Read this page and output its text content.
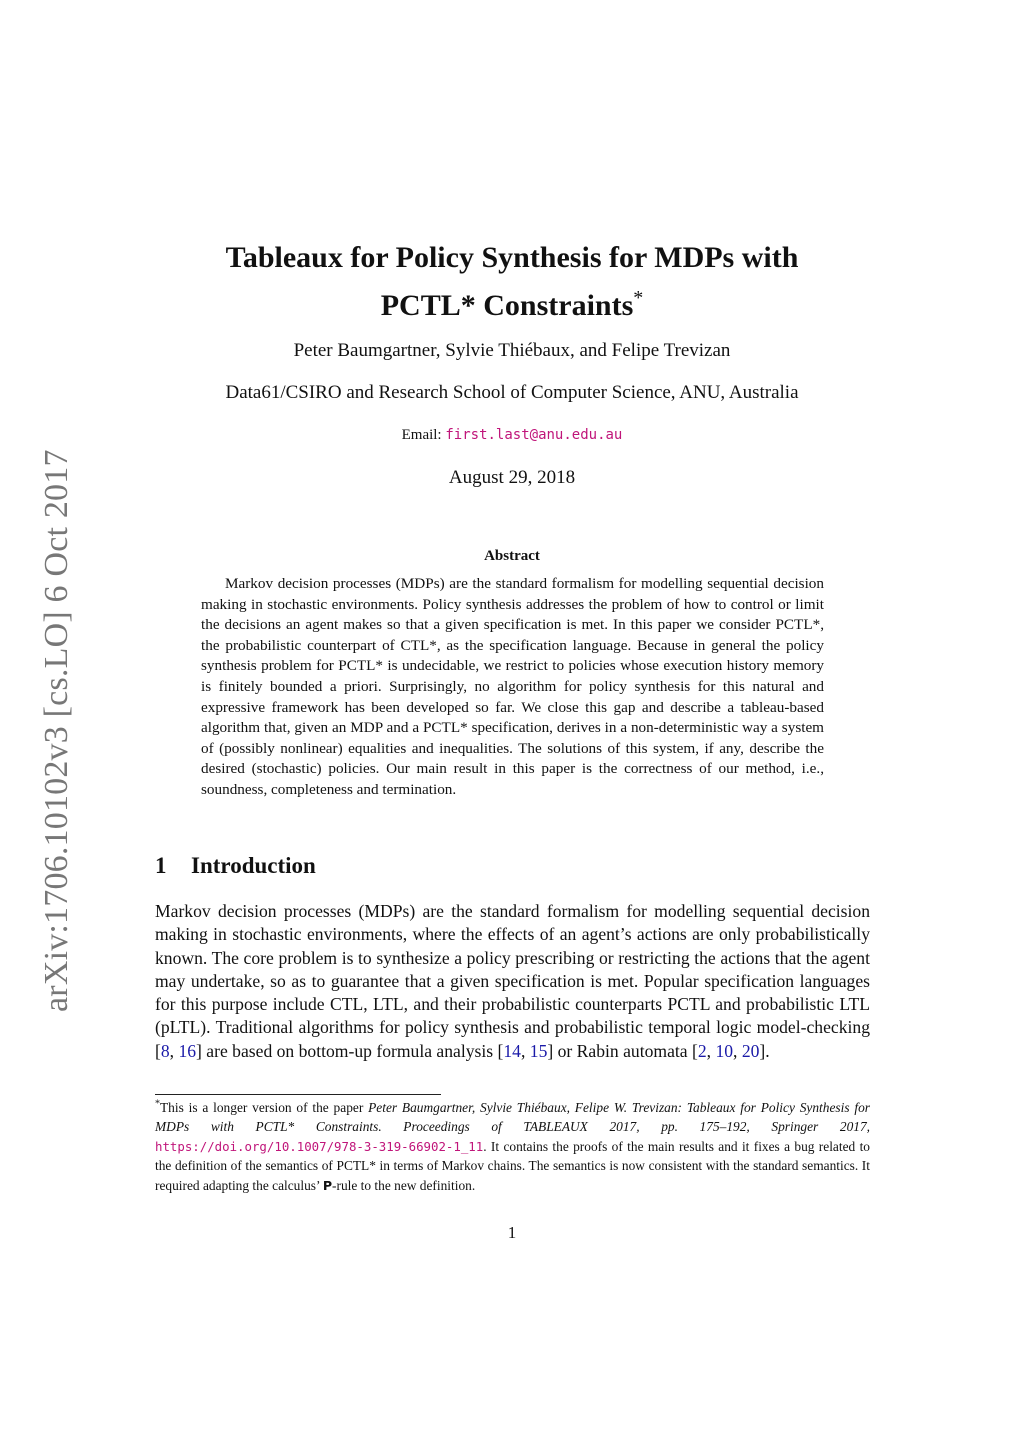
arXiv:1706.10102v3 [cs.LO] 6 Oct 2017
Tableaux for Policy Synthesis for MDPs with
PCTL* Constraints*
Peter Baumgartner, Sylvie Thiébaux, and Felipe Trevizan
Data61/CSIRO and Research School of Computer Science, ANU, Australia
Email: first.last@anu.edu.au
August 29, 2018
Abstract

Markov decision processes (MDPs) are the standard formalism for modelling sequential decision making in stochastic environments. Policy synthesis addresses the problem of how to control or limit the decisions an agent makes so that a given specification is met. In this paper we consider PCTL*, the probabilistic counterpart of CTL*, as the specification language. Because in general the policy synthesis problem for PCTL* is undecidable, we restrict to policies whose execution history memory is finitely bounded a priori. Surprisingly, no algorithm for policy synthesis for this natural and expressive framework has been developed so far. We close this gap and describe a tableau-based algorithm that, given an MDP and a PCTL* specification, derives in a non-deterministic way a system of (possibly nonlinear) equalities and inequalities. The solutions of this system, if any, describe the desired (stochastic) policies. Our main result in this paper is the correctness of our method, i.e., soundness, completeness and termination.

1 Introduction

Markov decision processes (MDPs) are the standard formalism for modelling sequential decision making in stochastic environments, where the effects of an agent’s actions are only probabilistically known. The core problem is to synthesize a policy prescribing or restricting the actions that the agent may undertake, so as to guarantee that a given specification is met. Popular specification languages for this purpose include CTL, LTL, and their probabilistic counterparts PCTL and probabilistic LTL (pLTL). Traditional algorithms for policy synthesis and probabilistic temporal logic model-checking [8, 16] are based on bottom-up formula analysis [14, 15] or Rabin automata [2, 10, 20].

*This is a longer version of the paper Peter Baumgartner, Sylvie Thiébaux, Felipe W. Trevizan: Tableaux for Policy Synthesis for MDPs with PCTL* Constraints. Proceedings of TABLEAUX 2017, pp. 175–192, Springer 2017, https://doi.org/10.1007/978-3-319-66902-1_11. It contains the proofs of the main results and it fixes a bug related to the definition of the semantics of PCTL* in terms of Markov chains. The semantics is now consistent with the standard semantics. It required adapting the calculus’ P-rule to the new definition.

1
